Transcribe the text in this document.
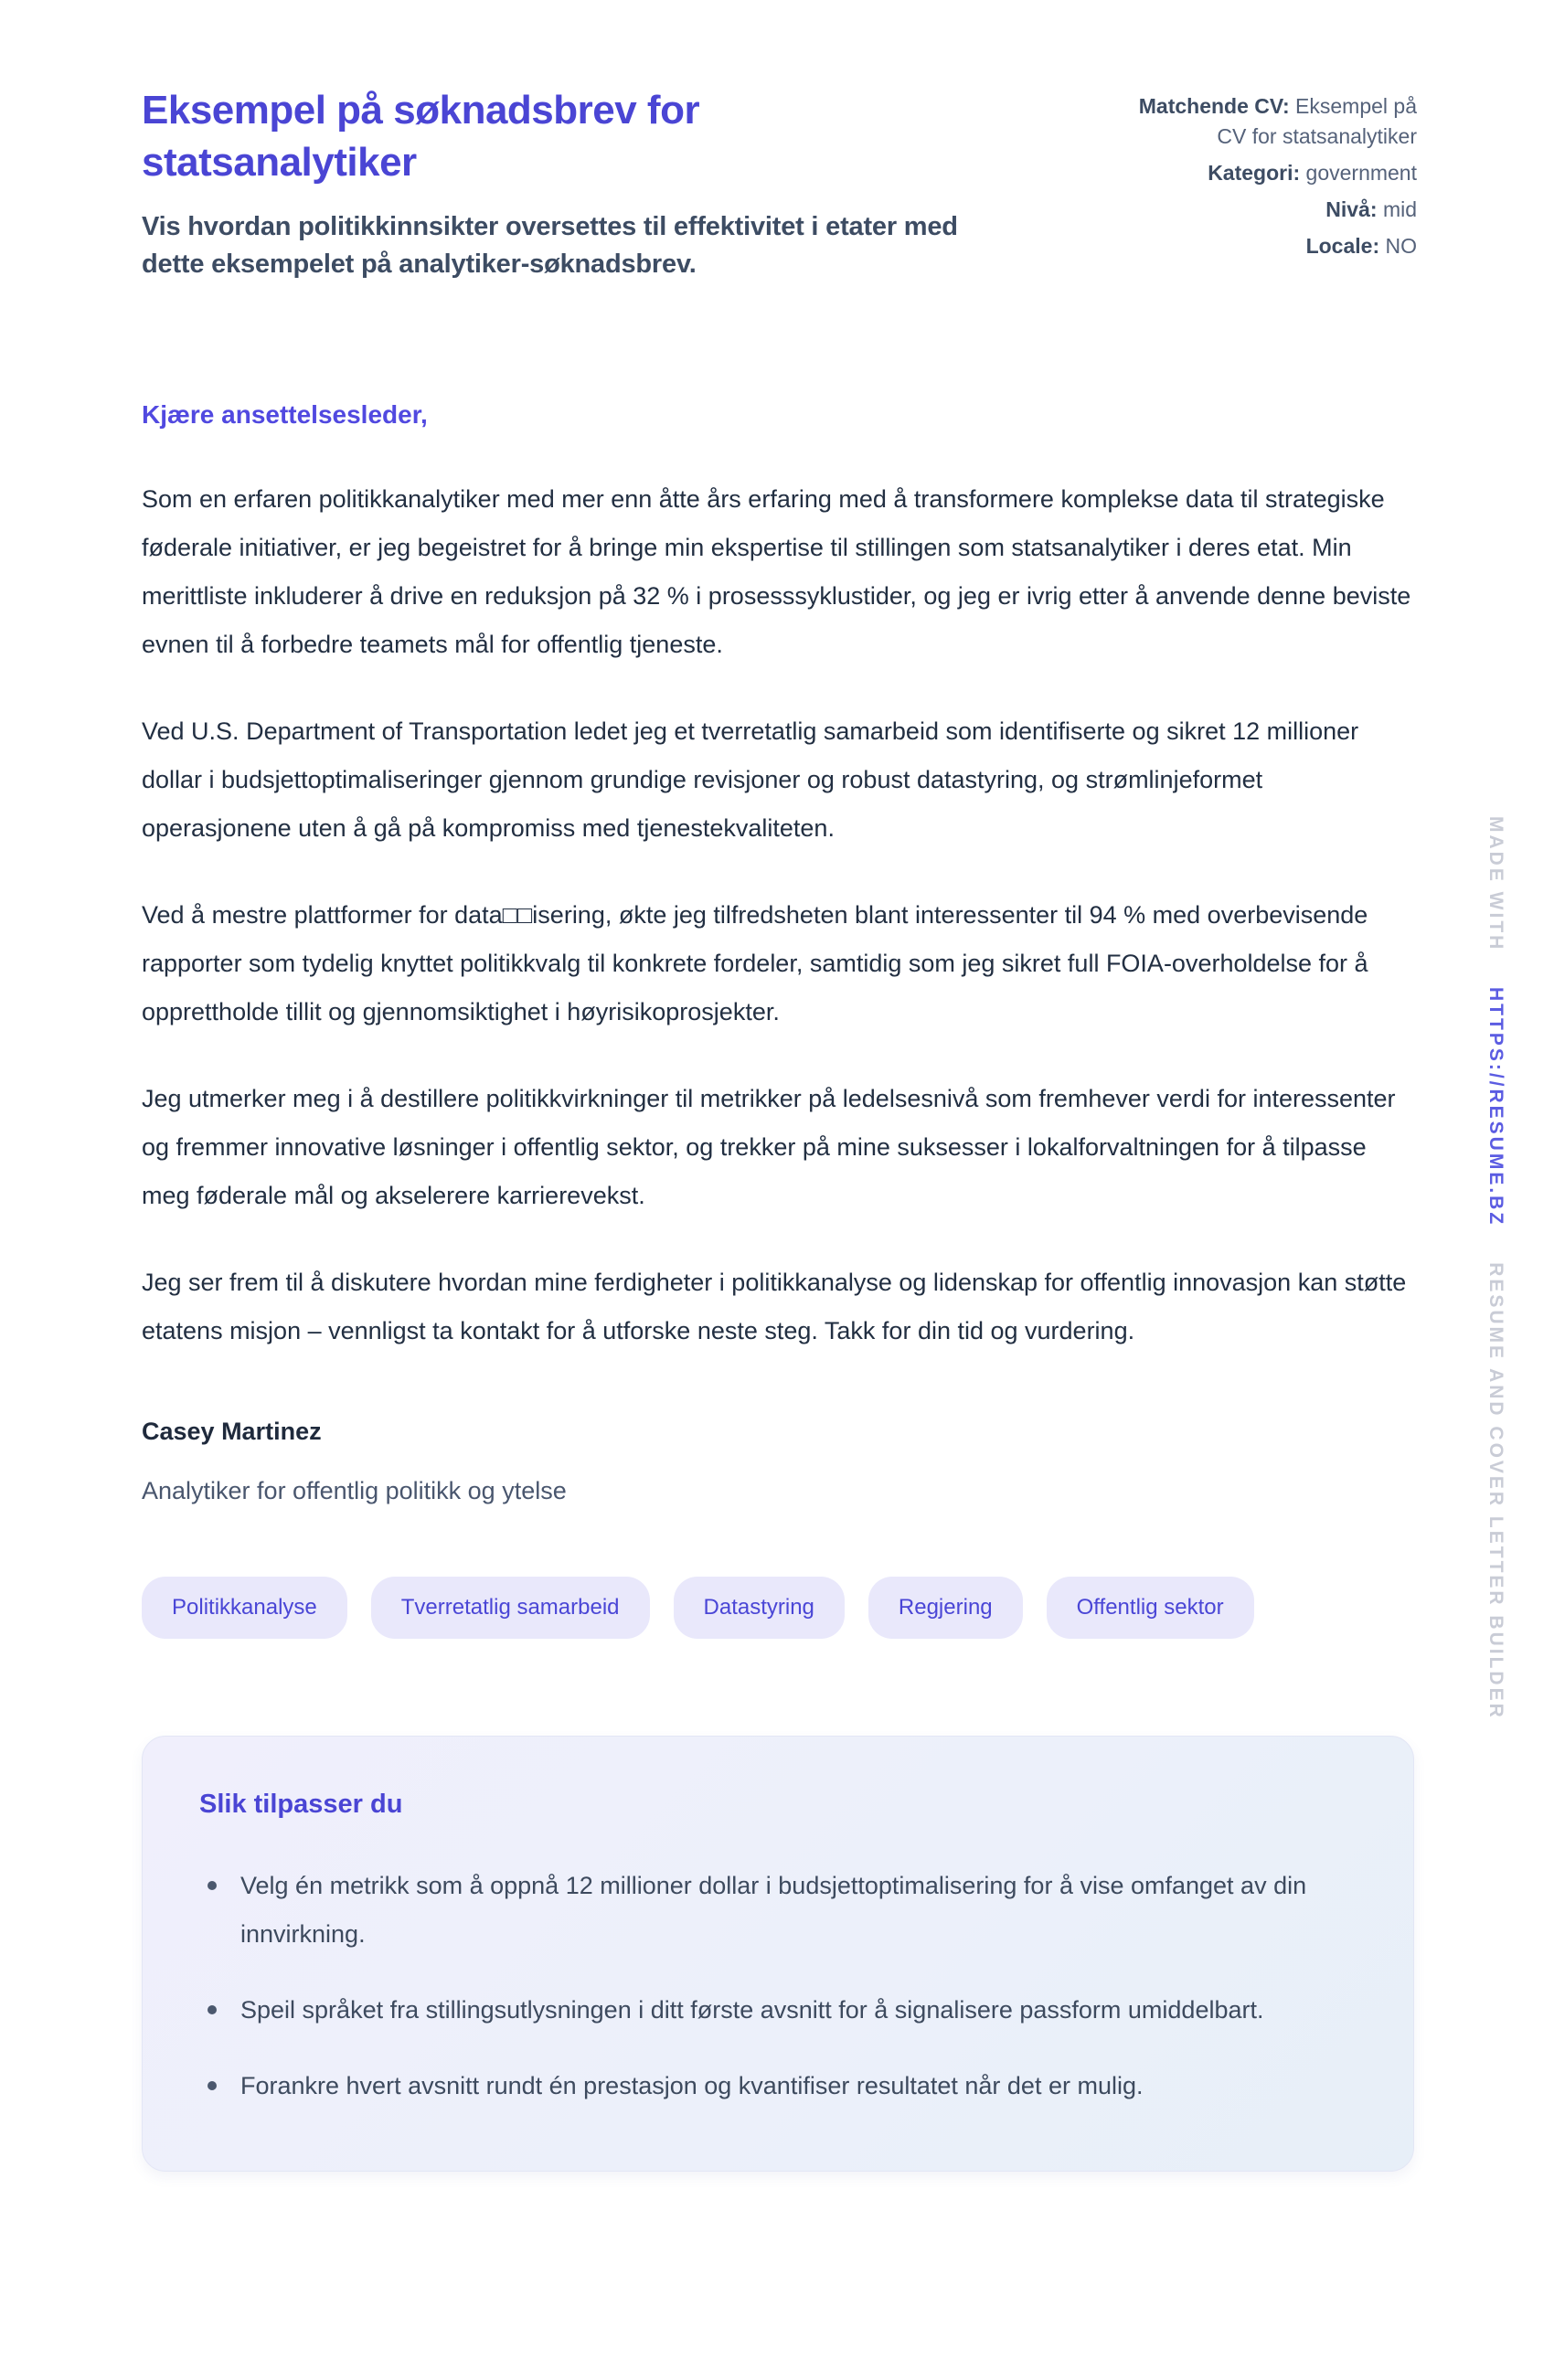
Eksempel på søknadsbrev for statsanalytiker
Vis hvordan politikkinnsikter oversettes til effektivitet i etater med dette eksempelet på analytiker-søknadsbrev.
Matchende CV: Eksempel på CV for statsanalytiker
Kategori: government
Nivå: mid
Locale: NO
Kjære ansettelsesleder,

Som en erfaren politikkanalytiker med mer enn åtte års erfaring med å transformere komplekse data til strategiske føderale initiativer, er jeg begeistret for å bringe min ekspertise til stillingen som statsanalytiker i deres etat. Min merittliste inkluderer å drive en reduksjon på 32 % i prosesssyklustider, og jeg er ivrig etter å anvende denne beviste evnen til å forbedre teamets mål for offentlig tjeneste.

Ved U.S. Department of Transportation ledet jeg et tverretatlig samarbeid som identifiserte og sikret 12 millioner dollar i budsjettoptimaliseringer gjennom grundige revisjoner og robust datastyring, og strømlinjeformet operasjonene uten å gå på kompromiss med tjenestekvaliteten.

Ved å mestre plattformer for data□□isering, økte jeg tilfredsheten blant interessenter til 94 % med overbevisende rapporter som tydelig knyttet politikkvalg til konkrete fordeler, samtidig som jeg sikret full FOIA-overholdelse for å opprettholde tillit og gjennomsiktighet i høyrisikoprosjekter.

Jeg utmerker meg i å destillere politikkvirkninger til metrikker på ledelsesnivå som fremhever verdi for interessenter og fremmer innovative løsninger i offentlig sektor, og trekker på mine suksesser i lokalforvaltningen for å tilpasse meg føderale mål og akselerere karrierevekst.

Jeg ser frem til å diskutere hvordan mine ferdigheter i politikkanalyse og lidenskap for offentlig innovasjon kan støtte etatens misjon – vennligst ta kontakt for å utforske neste steg. Takk for din tid og vurdering.

Casey Martinez
Analytiker for offentlig politikk og ytelse
Politikkanalyse	Tverretatlig samarbeid	Datastyring	Regjering	Offentlig sektor
Slik tilpasser du
Velg én metrikk som å oppnå 12 millioner dollar i budsjettoptimalisering for å vise omfanget av din innvirkning.
Speil språket fra stillingsutlysningen i ditt første avsnitt for å signalisere passform umiddelbart.
Forankre hvert avsnitt rundt én prestasjon og kvantifiser resultatet når det er mulig.
MADE WITH HTTPS://RESUME.BZ RESUME AND COVER LETTER BUILDER
